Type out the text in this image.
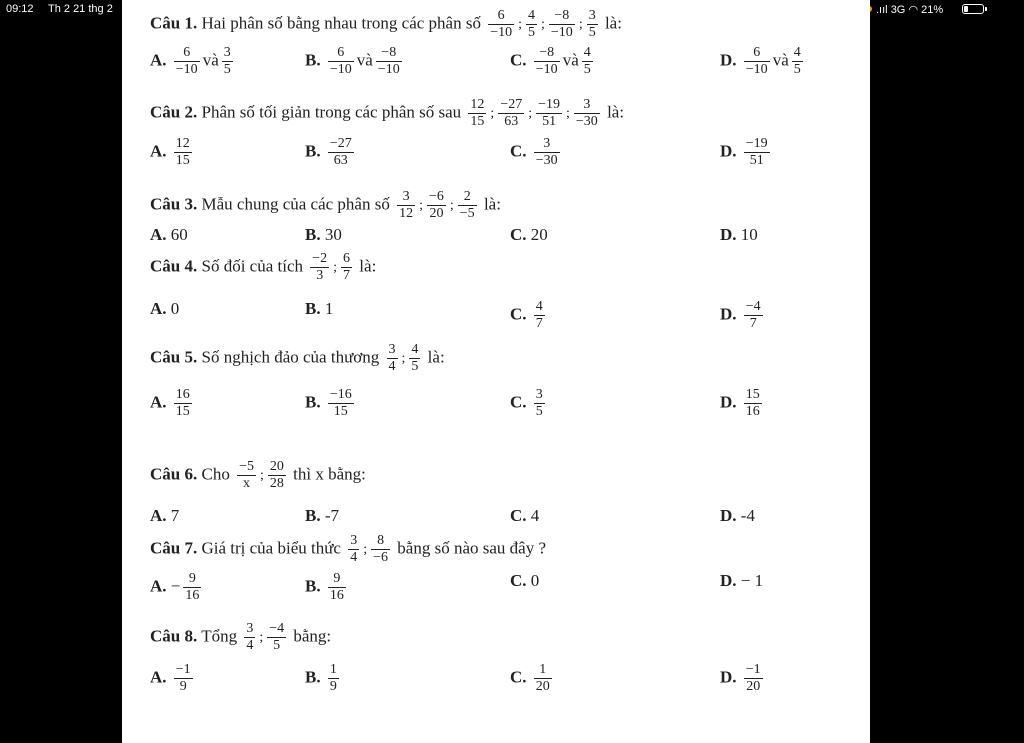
09:12 Th 2 21 thg 2	.ııl 3G ◠ 21%
Câu 1. Hai phân số bằng nhau trong các phân số $\frac{6}{-10}$ ; $\frac{4}{5}$ ; $\frac{-8}{-10}$ ; $\frac{3}{5}$ là:
A. $\frac{6}{-10}$ và $\frac{3}{5}$	B. $\frac{6}{-10}$ và $\frac{-8}{-10}$	C. $\frac{-8}{-10}$ và $\frac{4}{5}$	D. $\frac{6}{-10}$ và $\frac{4}{5}$
Câu 2. Phân số tối giản trong các phân số sau $\frac{12}{15}$ ; $\frac{-27}{63}$ ; $\frac{-19}{51}$ ; $\frac{3}{-30}$ là:
A. $\frac{12}{15}$	B. $\frac{-27}{63}$	C. $\frac{3}{-30}$	D. $\frac{-19}{51}$
Câu 3. Mẫu chung của các phân số $\frac{3}{12}$ ; $\frac{-6}{20}$ ; $\frac{2}{-5}$ là:
A. 60	B. 30	C. 20	D. 10
Câu 4. Số đối của tích $\frac{-2}{3}$ ; $\frac{6}{7}$ là:
A. 0	B. 1	C. $\frac{4}{7}$	D. $\frac{-4}{7}$
Câu 5. Số nghịch đảo của thương $\frac{3}{4}$ ; $\frac{4}{5}$ là:
A. $\frac{16}{15}$	B. $\frac{-16}{15}$	C. $\frac{3}{5}$	D. $\frac{15}{16}$
Câu 6. Cho $\frac{-5}{x}$ ; $\frac{20}{28}$ thì x bằng:
A. 7	B. -7	C. 4	D. -4
Câu 7. Giá trị của biểu thức $\frac{3}{4}$ ; $\frac{8}{-6}$ bằng số nào sau đây ?
A. − $\frac{9}{16}$	B. $\frac{9}{16}$	C. 0	D. − 1
Câu 8. Tổng $\frac{3}{4}$ ; $\frac{-4}{5}$ bằng:
A. $\frac{-1}{9}$	B. $\frac{1}{9}$	C. $\frac{1}{20}$	D. $\frac{-1}{20}$
